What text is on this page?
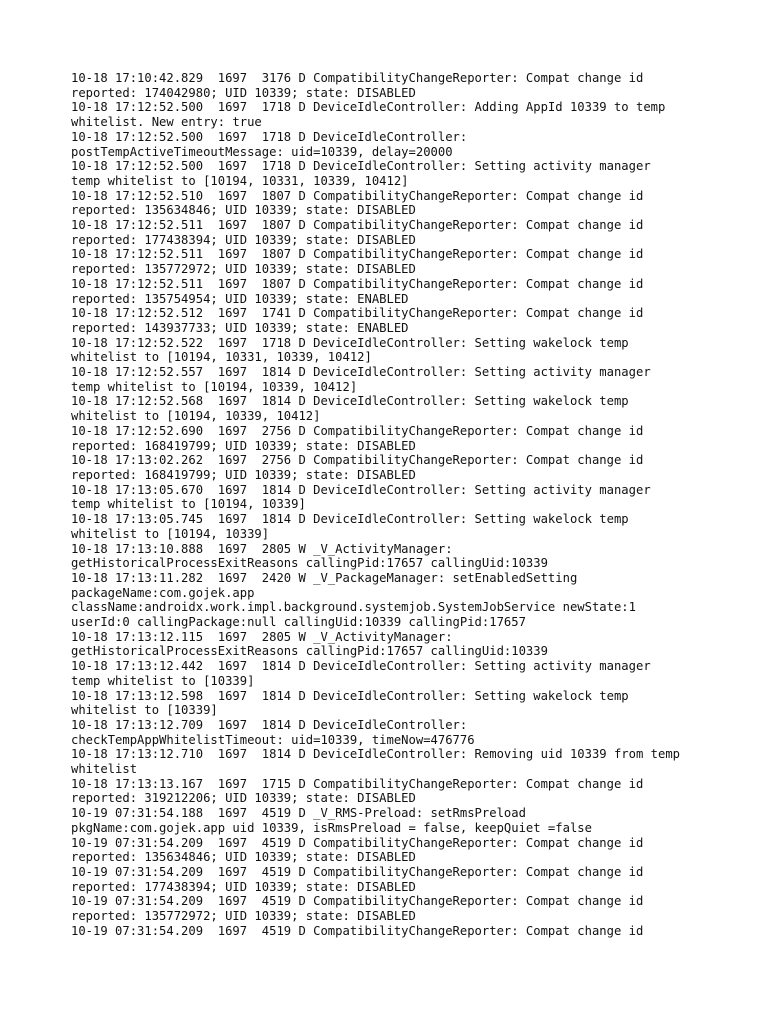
10-18 17:10:42.829  1697  3176 D CompatibilityChangeReporter: Compat change id
reported: 174042980; UID 10339; state: DISABLED
10-18 17:12:52.500  1697  1718 D DeviceIdleController: Adding AppId 10339 to temp
whitelist. New entry: true
10-18 17:12:52.500  1697  1718 D DeviceIdleController:
postTempActiveTimeoutMessage: uid=10339, delay=20000
10-18 17:12:52.500  1697  1718 D DeviceIdleController: Setting activity manager
temp whitelist to [10194, 10331, 10339, 10412]
10-18 17:12:52.510  1697  1807 D CompatibilityChangeReporter: Compat change id
reported: 135634846; UID 10339; state: DISABLED
10-18 17:12:52.511  1697  1807 D CompatibilityChangeReporter: Compat change id
reported: 177438394; UID 10339; state: DISABLED
10-18 17:12:52.511  1697  1807 D CompatibilityChangeReporter: Compat change id
reported: 135772972; UID 10339; state: DISABLED
10-18 17:12:52.511  1697  1807 D CompatibilityChangeReporter: Compat change id
reported: 135754954; UID 10339; state: ENABLED
10-18 17:12:52.512  1697  1741 D CompatibilityChangeReporter: Compat change id
reported: 143937733; UID 10339; state: ENABLED
10-18 17:12:52.522  1697  1718 D DeviceIdleController: Setting wakelock temp
whitelist to [10194, 10331, 10339, 10412]
10-18 17:12:52.557  1697  1814 D DeviceIdleController: Setting activity manager
temp whitelist to [10194, 10339, 10412]
10-18 17:12:52.568  1697  1814 D DeviceIdleController: Setting wakelock temp
whitelist to [10194, 10339, 10412]
10-18 17:12:52.690  1697  2756 D CompatibilityChangeReporter: Compat change id
reported: 168419799; UID 10339; state: DISABLED
10-18 17:13:02.262  1697  2756 D CompatibilityChangeReporter: Compat change id
reported: 168419799; UID 10339; state: DISABLED
10-18 17:13:05.670  1697  1814 D DeviceIdleController: Setting activity manager
temp whitelist to [10194, 10339]
10-18 17:13:05.745  1697  1814 D DeviceIdleController: Setting wakelock temp
whitelist to [10194, 10339]
10-18 17:13:10.888  1697  2805 W _V_ActivityManager:
getHistoricalProcessExitReasons callingPid:17657 callingUid:10339
10-18 17:13:11.282  1697  2420 W _V_PackageManager: setEnabledSetting
packageName:com.gojek.app
className:androidx.work.impl.background.systemjob.SystemJobService newState:1
userId:0 callingPackage:null callingUid:10339 callingPid:17657
10-18 17:13:12.115  1697  2805 W _V_ActivityManager:
getHistoricalProcessExitReasons callingPid:17657 callingUid:10339
10-18 17:13:12.442  1697  1814 D DeviceIdleController: Setting activity manager
temp whitelist to [10339]
10-18 17:13:12.598  1697  1814 D DeviceIdleController: Setting wakelock temp
whitelist to [10339]
10-18 17:13:12.709  1697  1814 D DeviceIdleController:
checkTempAppWhitelistTimeout: uid=10339, timeNow=476776
10-18 17:13:12.710  1697  1814 D DeviceIdleController: Removing uid 10339 from temp
whitelist
10-18 17:13:13.167  1697  1715 D CompatibilityChangeReporter: Compat change id
reported: 319212206; UID 10339; state: DISABLED
10-19 07:31:54.188  1697  4519 D _V_RMS-Preload: setRmsPreload
pkgName:com.gojek.app uid 10339, isRmsPreload = false, keepQuiet =false
10-19 07:31:54.209  1697  4519 D CompatibilityChangeReporter: Compat change id
reported: 135634846; UID 10339; state: DISABLED
10-19 07:31:54.209  1697  4519 D CompatibilityChangeReporter: Compat change id
reported: 177438394; UID 10339; state: DISABLED
10-19 07:31:54.209  1697  4519 D CompatibilityChangeReporter: Compat change id
reported: 135772972; UID 10339; state: DISABLED
10-19 07:31:54.209  1697  4519 D CompatibilityChangeReporter: Compat change id
